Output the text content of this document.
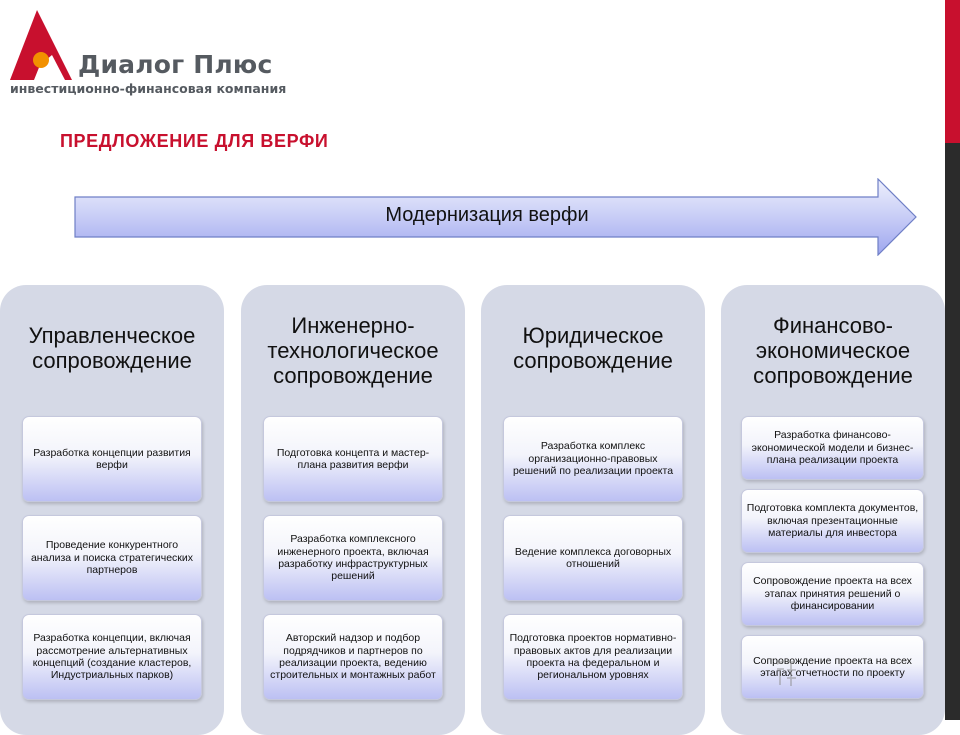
Диалог Плюс
инвестиционно-финансовая компания
ПРЕДЛОЖЕНИЕ ДЛЯ ВЕРФИ
Модернизация верфи
Управленческое
сопровождение
Разработка концепции развития верфи
Проведение конкурентного анализа и поиска стратегических партнеров
Разработка концепции, включая рассмотрение альтернативных концепций (создание кластеров, Индустриальных парков)
Инженерно-
технологическое
сопровождение
Подготовка концепта и мастер-плана развития верфи
Разработка комплексного инженерного проекта, включая разработку инфраструктурных решений
Авторский надзор и подбор подрядчиков и партнеров по реализации проекта, ведению строительных и монтажных работ
Юридическое
сопровождение
Разработка комплекс организационно-правовых решений по реализации проекта
Ведение комплекса договорных отношений
Подготовка проектов нормативно-правовых актов для реализации проекта на федеральном и региональном уровнях
Финансово-
экономическое
сопровождение
Разработка финансово-экономической модели и бизнес-плана реализации проекта
Подготовка комплекта документов, включая презентационные материалы для инвестора
Сопровождение проекта на всех этапах принятия решений о финансировании
Сопровождение проекта на всех этапах отчетности по проекту
